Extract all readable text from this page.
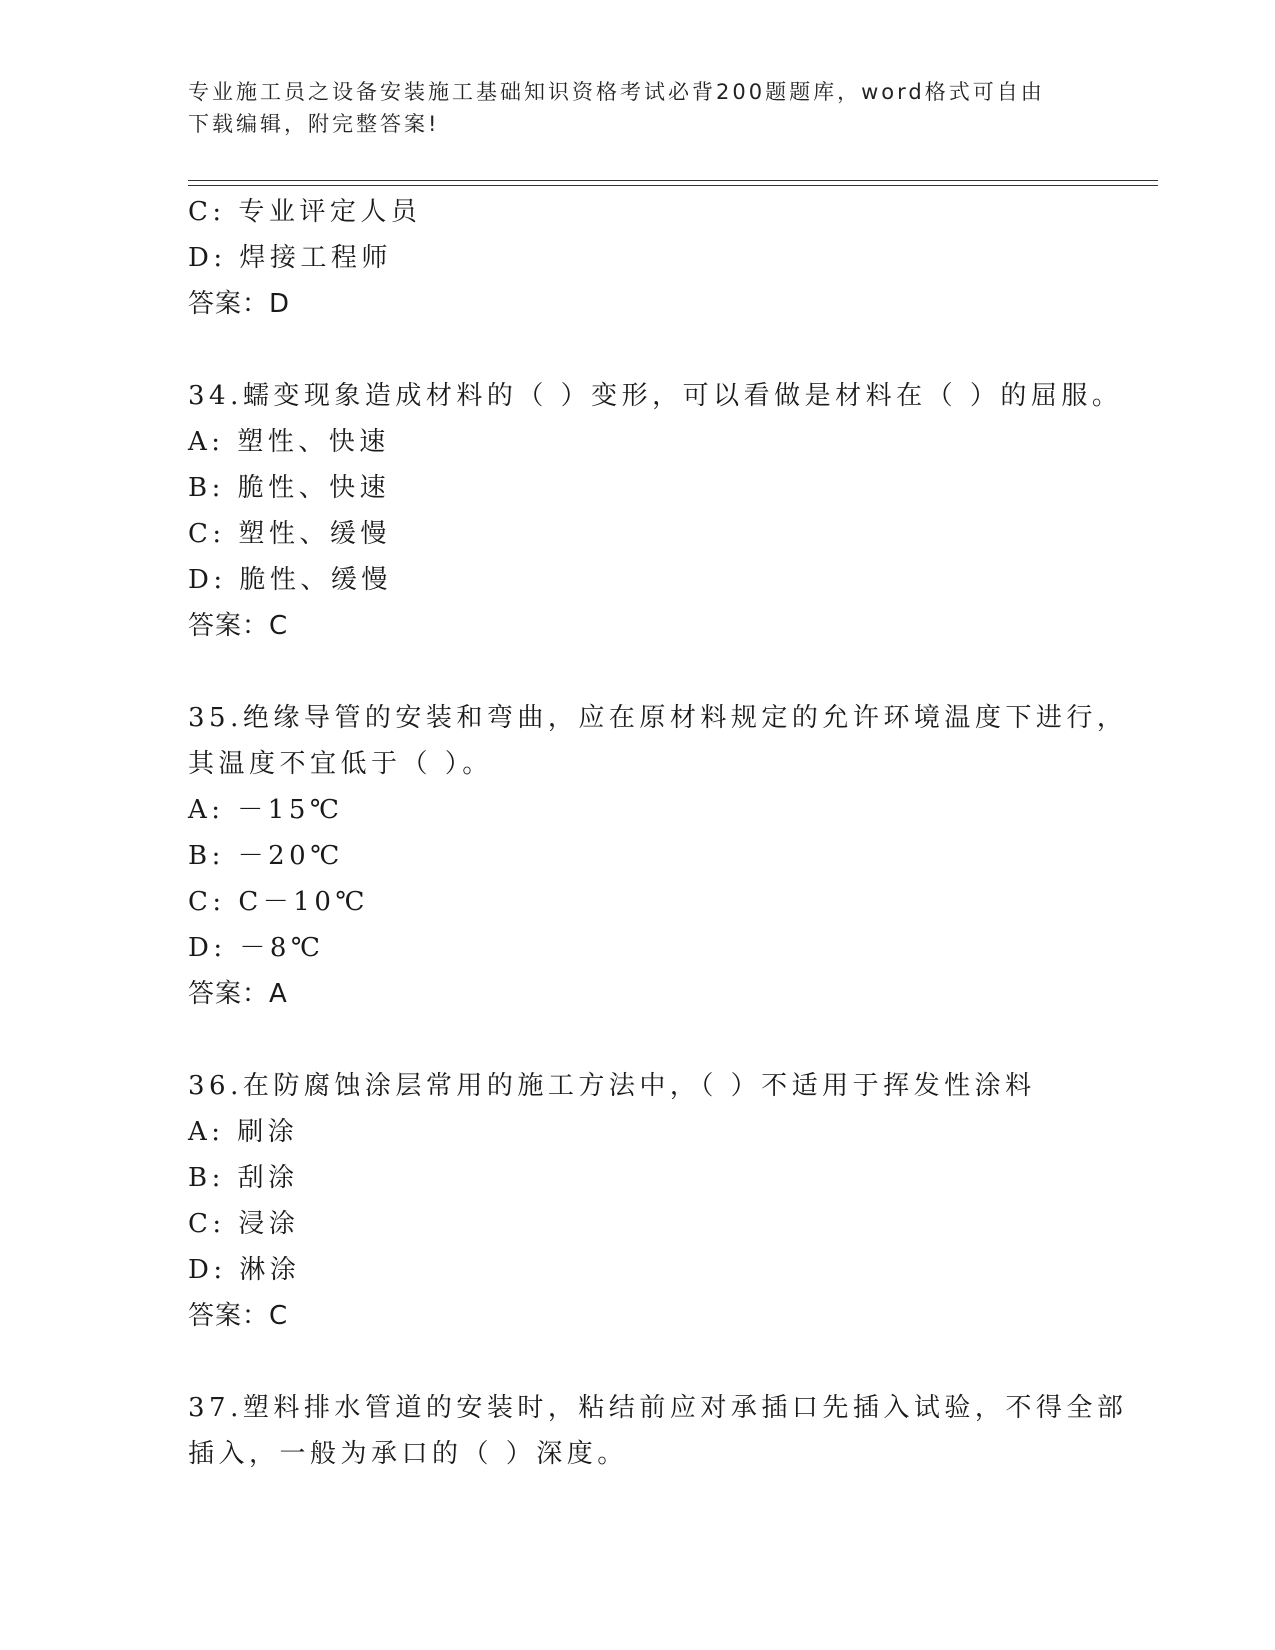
专业施工员之设备安装施工基础知识资格考试必背200题题库，word格式可自由
下载编辑，附完整答案!
C: 专业评定人员
D: 焊接工程师
答案：D
34.蠕变现象造成材料的（ ）变形，可以看做是材料在（ ）的屈服。
A: 塑性、快速
B: 脆性、快速
C: 塑性、缓慢
D: 脆性、缓慢
答案：C
35.绝缘导管的安装和弯曲，应在原材料规定的允许环境温度下进行，
其温度不宜低于（ ）。
A: －15℃
B: －20℃
C: C－10℃
D: －8℃
答案：A
36.在防腐蚀涂层常用的施工方法中，（ ）不适用于挥发性涂料
A: 刷涂
B: 刮涂
C: 浸涂
D: 淋涂
答案：C
37.塑料排水管道的安装时，粘结前应对承插口先插入试验，不得全部
插入，一般为承口的（ ）深度。
